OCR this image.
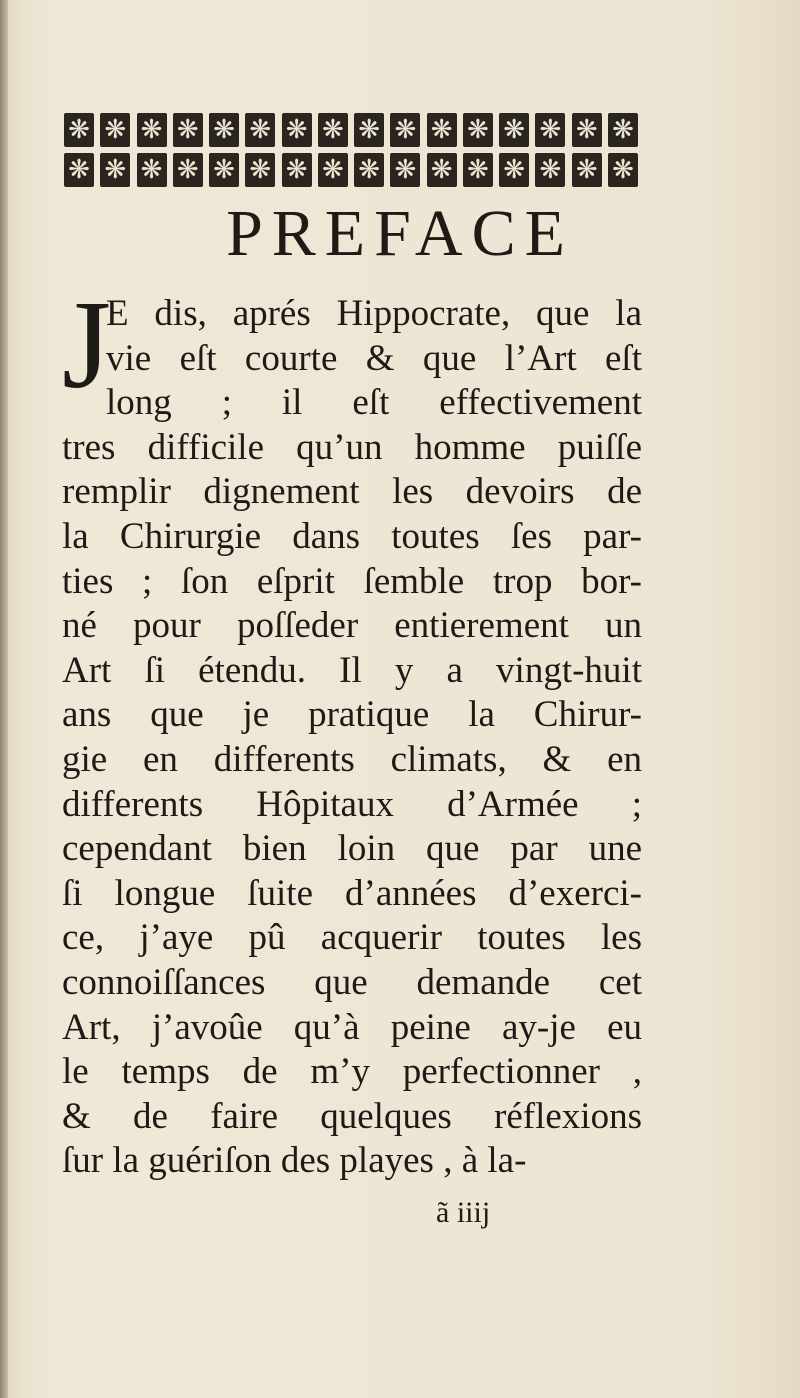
❋ ❋ ❋ ❋ ❋ ❋ ❋ ❋ ❋ ❋ ❋ ❋ ❋ ❋ ❋ ❋
❋ ❋ ❋ ❋ ❋ ❋ ❋ ❋ ❋ ❋ ❋ ❋ ❋ ❋ ❋ ❋
PREFACE
J
E dis, aprés Hippocrate, que la
vie eſt courte & que l’Art eſt
long ; il eſt effectivement
tres difficile qu’un homme puiſſe
remplir dignement les devoirs de
la Chirurgie dans toutes ſes par-
ties ; ſon eſprit ſemble trop bor-
né pour poſſeder entierement un
Art ſi étendu. Il y a vingt-huit
ans que je pratique la Chirur-
gie en differents climats, & en
differents Hôpitaux d’Armée ;
cependant bien loin que par une
ſi longue ſuite d’années d’exerci-
ce, j’aye pû acquerir toutes les
connoiſſances que demande cet
Art, j’avoûe qu’à peine ay-je eu
le temps de m’y perfectionner ,
& de faire quelques réflexions
ſur la guériſon des playes , à la-
ã iiij
